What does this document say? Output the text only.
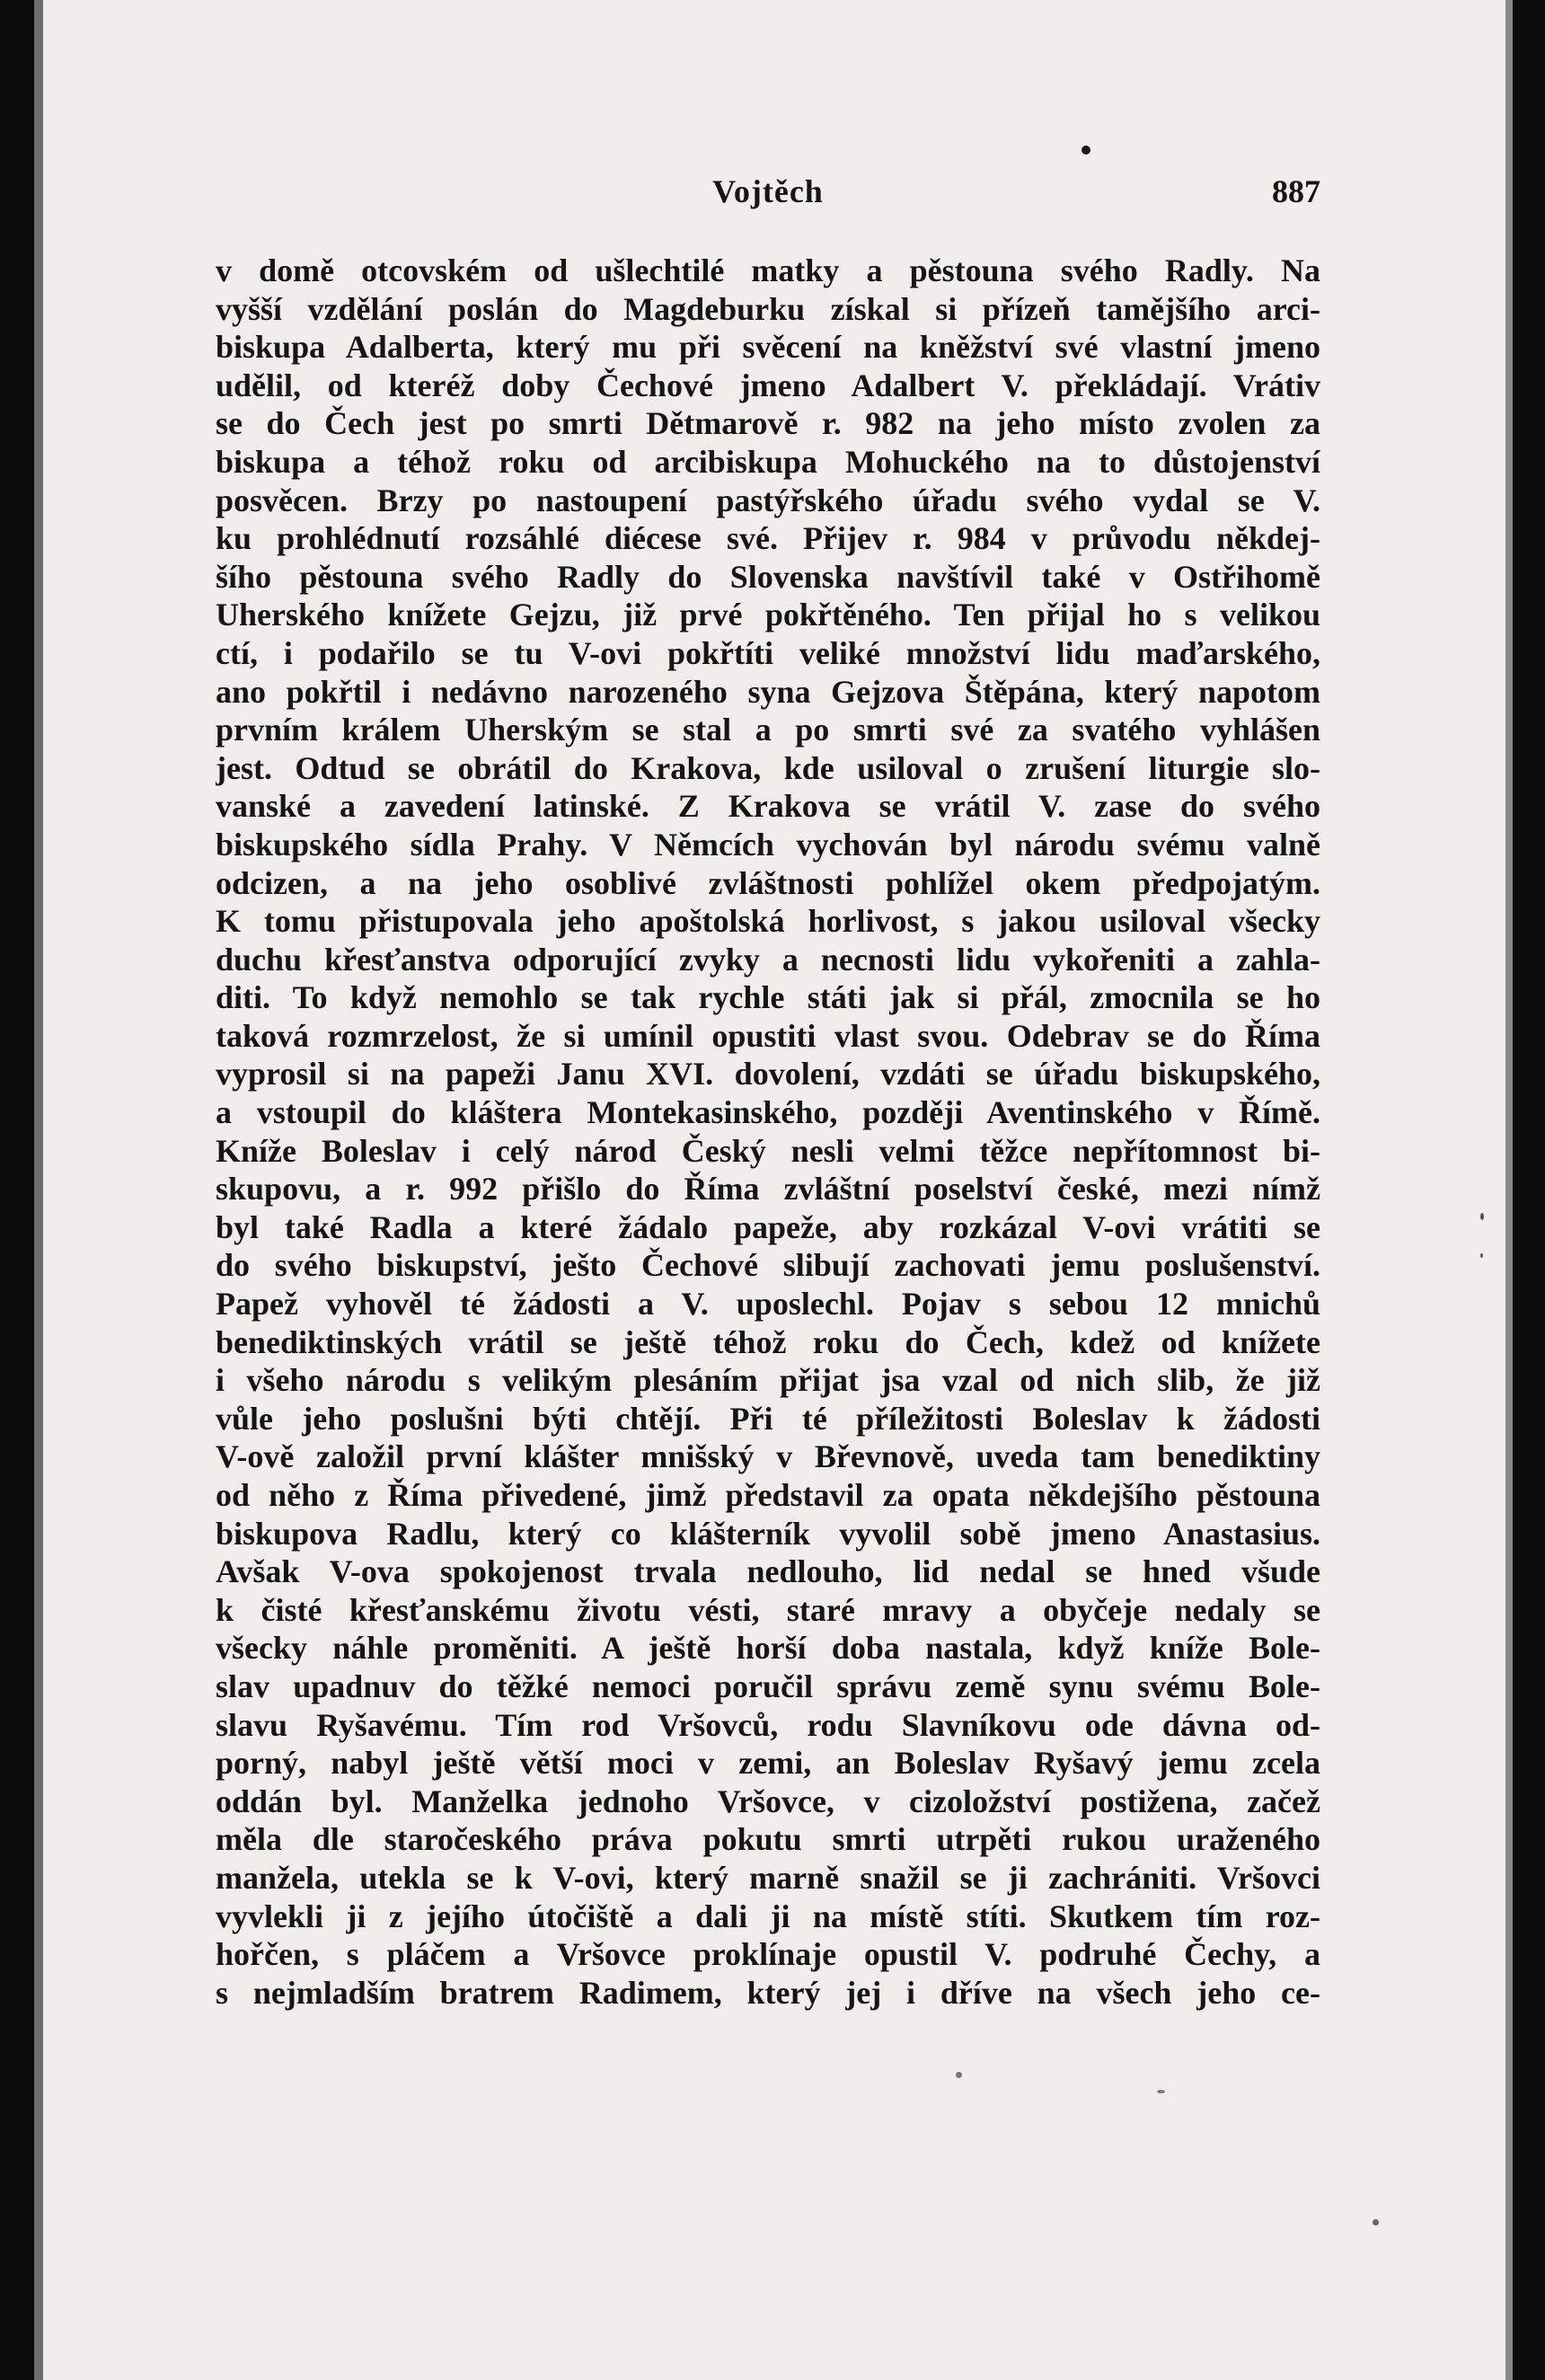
Vojtěch	887
v domě otcovském od ušlechtilé matky a pěstouna svého Radly. Na
vyšší vzdělání poslán do Magdeburku získal si přízeň tamějšího arci-
biskupa Adalberta, který mu při svěcení na kněžství své vlastní jmeno
udělil, od kteréž doby Čechové jmeno Adalbert V. překládají. Vrátiv
se do Čech jest po smrti Dětmarově r. 982 na jeho místo zvolen za
biskupa a téhož roku od arcibiskupa Mohuckého na to důstojenství
posvěcen. Brzy po nastoupení pastýřského úřadu svého vydal se V.
ku prohlédnutí rozsáhlé diécese své. Přijev r. 984 v průvodu někdej-
šího pěstouna svého Radly do Slovenska navštívil také v Ostřihomě
Uherského knížete Gejzu, již prvé pokřtěného. Ten přijal ho s velikou
ctí, i podařilo se tu V-ovi pokřtíti veliké množství lidu maďarského,
ano pokřtil i nedávno narozeného syna Gejzova Štěpána, který napotom
prvním králem Uherským se stal a po smrti své za svatého vyhlášen
jest. Odtud se obrátil do Krakova, kde usiloval o zrušení liturgie slo-
vanské a zavedení latinské. Z Krakova se vrátil V. zase do svého
biskupského sídla Prahy. V Němcích vychován byl národu svému valně
odcizen, a na jeho osoblivé zvláštnosti pohlížel okem předpojatým.
K tomu přistupovala jeho apoštolská horlivost, s jakou usiloval všecky
duchu křesťanstva odporující zvyky a necnosti lidu vykořeniti a zahla-
diti. To když nemohlo se tak rychle státi jak si přál, zmocnila se ho
taková rozmrzelost, že si umínil opustiti vlast svou. Odebrav se do Říma
vyprosil si na papeži Janu XVI. dovolení, vzdáti se úřadu biskupského,
a vstoupil do kláštera Montekasinského, později Aventinského v Římě.
Kníže Boleslav i celý národ Český nesli velmi těžce nepřítomnost bi-
skupovu, a r. 992 přišlo do Říma zvláštní poselství české, mezi nímž
byl také Radla a které žádalo papeže, aby rozkázal V-ovi vrátiti se
do svého biskupství, ješto Čechové slibují zachovati jemu poslušenství.
Papež vyhověl té žádosti a V. uposlechl. Pojav s sebou 12 mnichů
benediktinských vrátil se ještě téhož roku do Čech, kdež od knížete
i všeho národu s velikým plesáním přijat jsa vzal od nich slib, že již
vůle jeho poslušni býti chtějí. Při té příležitosti Boleslav k žádosti
V-ově založil první klášter mnišský v Břevnově, uveda tam benediktiny
od něho z Říma přivedené, jimž představil za opata někdejšího pěstouna
biskupova Radlu, který co klášterník vyvolil sobě jmeno Anastasius.
Avšak V-ova spokojenost trvala nedlouho, lid nedal se hned všude
k čisté křesťanskému životu vésti, staré mravy a obyčeje nedaly se
všecky náhle proměniti. A ještě horší doba nastala, když kníže Bole-
slav upadnuv do těžké nemoci poručil správu země synu svému Bole-
slavu Ryšavému. Tím rod Vršovců, rodu Slavníkovu ode dávna od-
porný, nabyl ještě větší moci v zemi, an Boleslav Ryšavý jemu zcela
oddán byl. Manželka jednoho Vršovce, v cizoložství postižena, začež
měla dle staročeského práva pokutu smrti utrpěti rukou uraženého
manžela, utekla se k V-ovi, který marně snažil se ji zachrániti. Vršovci
vyvlekli ji z jejího útočiště a dali ji na místě stíti. Skutkem tím roz-
hořčen, s pláčem a Vršovce proklínaje opustil V. podruhé Čechy, a
s nejmladším bratrem Radimem, který jej i dříve na všech jeho ce-
